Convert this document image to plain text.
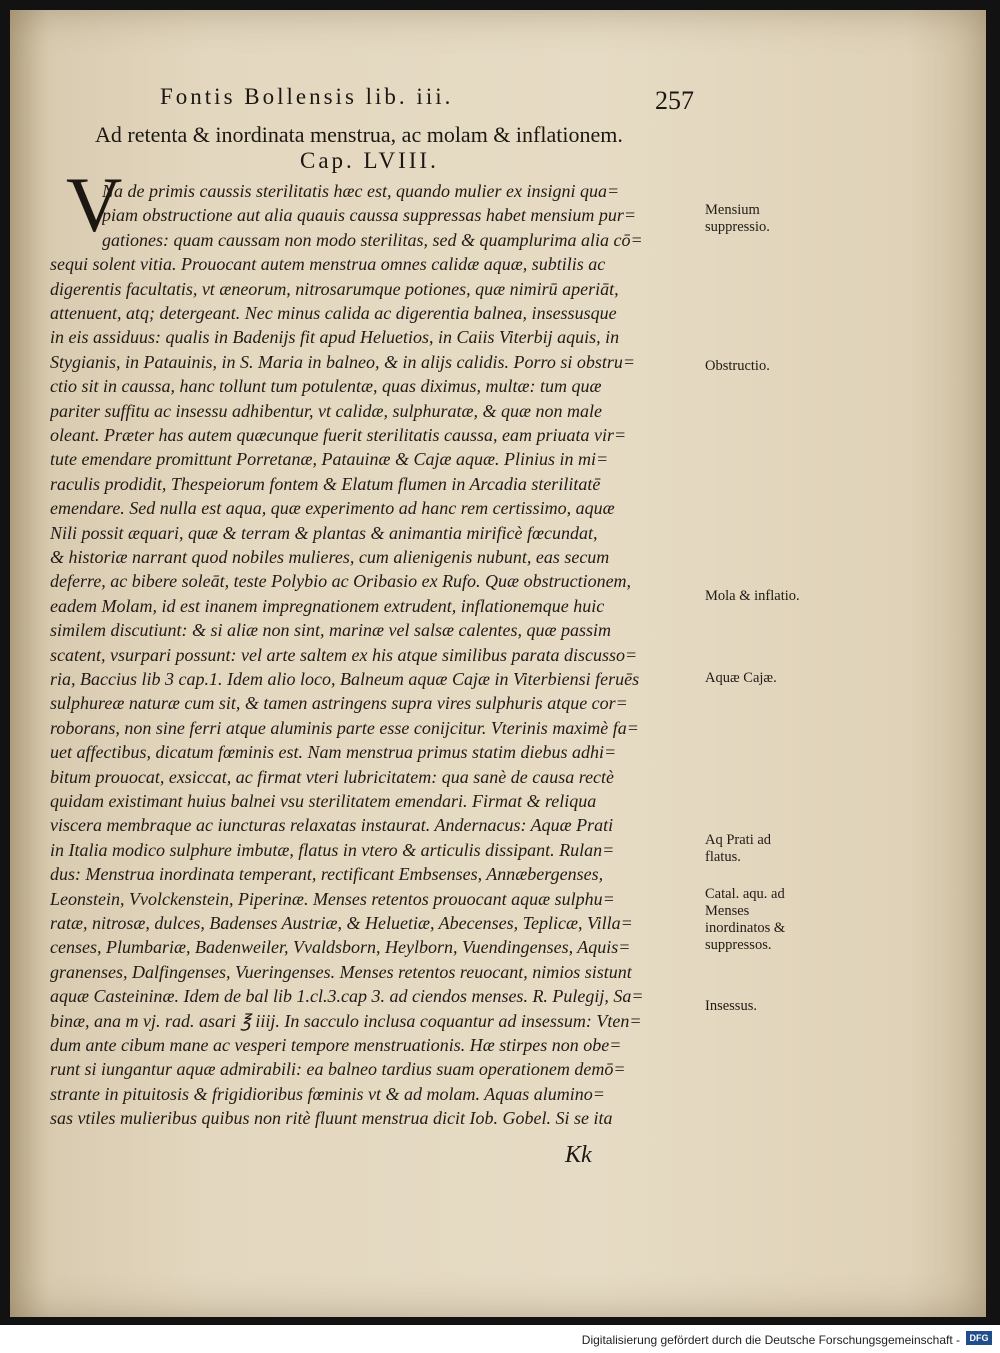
Fontis Bollensis lib. iii.	257
Ad retenta & inordinata menstrua, ac molam & inflationem.
Cap. LVIII.
V
Na de primis caussis sterilitatis hæc est, quando mulier ex insigni qua=
piam obstructione aut alia quauis caussa suppressas habet mensium pur=
gationes: quam caussam non modo sterilitas, sed & quamplurima alia cō=
sequi solent vitia. Prouocant autem menstrua omnes calidæ aquæ, subtilis ac
digerentis facultatis, vt æneorum, nitrosarumque potiones, quæ nimirū aperiāt,
attenuent, atq; detergeant. Nec minus calida ac digerentia balnea, insessusque
in eis assiduus: qualis in Badenijs fit apud Heluetios, in Caiis Viterbij aquis, in
Stygianis, in Patauinis, in S. Maria in balneo, & in alijs calidis. Porro si obstru=
ctio sit in caussa, hanc tollunt tum potulentæ, quas diximus, multæ: tum quæ
pariter suffitu ac insessu adhibentur, vt calidæ, sulphuratæ, & quæ non male
oleant. Præter has autem quæcunque fuerit sterilitatis caussa, eam priuata vir=
tute emendare promittunt Porretanæ, Patauinæ & Cajæ aquæ. Plinius in mi=
raculis prodidit, Thespeiorum fontem & Elatum flumen in Arcadia sterilitatē
emendare. Sed nulla est aqua, quæ experimento ad hanc rem certissimo, aquæ
Nili possit æquari, quæ & terram & plantas & animantia mirificè fœcundat,
& historiæ narrant quod nobiles mulieres, cum alienigenis nubunt, eas secum
deferre, ac bibere soleāt, teste Polybio ac Oribasio ex Rufo. Quæ obstructionem,
eadem Molam, id est inanem impregnationem extrudent, inflationemque huic
similem discutiunt: & si aliæ non sint, marinæ vel salsæ calentes, quæ passim
scatent, vsurpari possunt: vel arte saltem ex his atque similibus parata discusso=
ria, Baccius lib 3 cap.1. Idem alio loco, Balneum aquæ Cajæ in Viterbiensi feruēs
sulphureæ naturæ cum sit, & tamen astringens supra vires sulphuris atque cor=
roborans, non sine ferri atque aluminis parte esse conijcitur. Vterinis maximè fa=
uet affectibus, dicatum fœminis est. Nam menstrua primus statim diebus adhi=
bitum prouocat, exsiccat, ac firmat vteri lubricitatem: qua sanè de causa rectè
quidam existimant huius balnei vsu sterilitatem emendari. Firmat & reliqua
viscera membraque ac iuncturas relaxatas instaurat. Andernacus: Aquæ Prati
in Italia modico sulphure imbutæ, flatus in vtero & articulis dissipant. Rulan=
dus: Menstrua inordinata temperant, rectificant Embsenses, Annæbergenses,
Leonstein, Vvolckenstein, Piperinæ. Menses retentos prouocant aquæ sulphu=
ratæ, nitrosæ, dulces, Badenses Austriæ, & Heluetiæ, Abecenses, Teplicæ, Villa=
censes, Plumbariæ, Badenweiler, Vvaldsborn, Heylborn, Vuendingenses, Aquis=
granenses, Dalfingenses, Vueringenses. Menses retentos reuocant, nimios sistunt
aquæ Casteininæ. Idem de bal lib 1.cl.3.cap 3. ad ciendos menses. R. Pulegij, Sa=
binæ, ana m vj. rad. asari ℥ iiij. In sacculo inclusa coquantur ad insessum: Vten=
dum ante cibum mane ac vesperi tempore menstruationis. Hæ stirpes non obe=
runt si iungantur aquæ admirabili: ea balneo tardius suam operationem demō=
strante in pituitosis & frigidioribus fœminis vt & ad molam. Aquas alumino=
sas vtiles mulieribus quibus non ritè fluunt menstrua dicit Iob. Gobel. Si se ita
Mensium suppressio.
Obstructio.
Mola & inflatio.
Aquæ Cajæ.
Aq Prati ad flatus.
Catal. aqu. ad Menses inordinatos & suppressos.
Insessus.
Kk
Digitalisierung gefördert durch die Deutsche Forschungsgemeinschaft -	DFG
